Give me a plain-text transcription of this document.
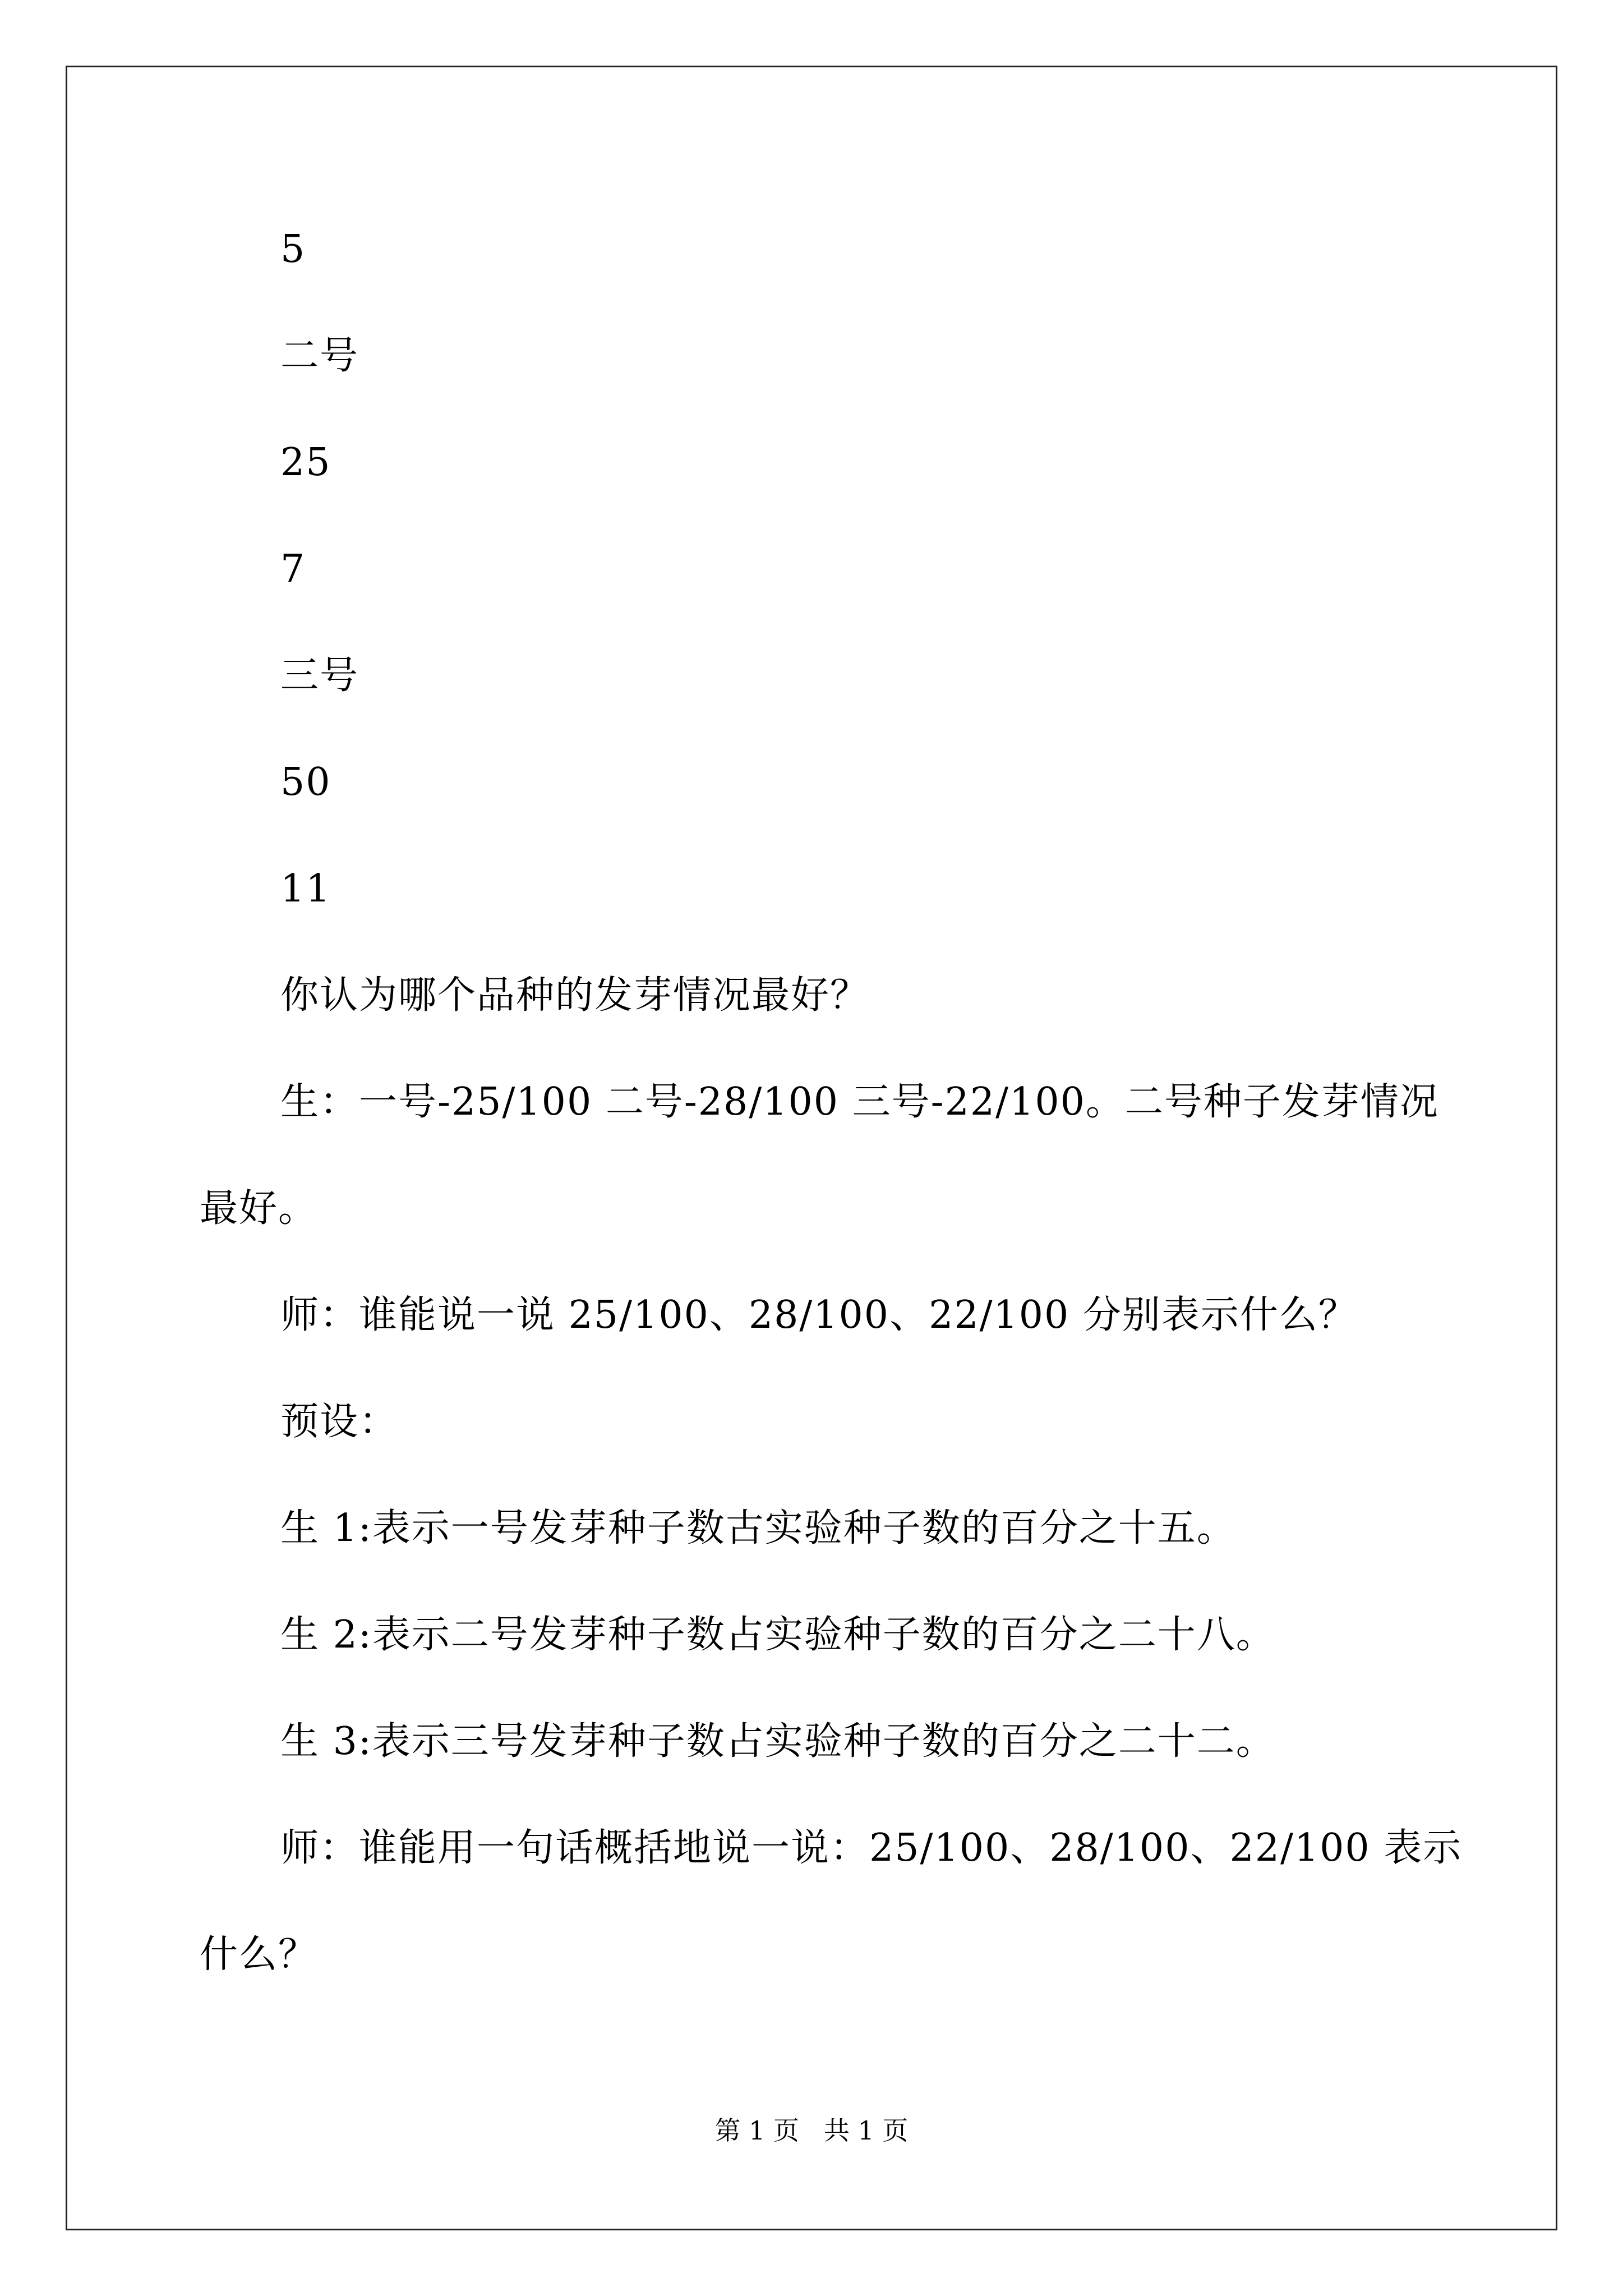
5
二号
25
7
三号
50
11
你认为哪个品种的发芽情况最好？
生：一号-25/100 二号-28/100 三号-22/100。二号种子发芽情况
最好。
师：谁能说一说 25/100、28/100、22/100 分别表示什么？
预设：
生 1:表示一号发芽种子数古实验种子数的百分之十五。
生 2:表示二号发芽种子数占实验种子数的百分之二十八。
生 3:表示三号发芽种子数占实验种子数的百分之二十二。
师：谁能用一句话概括地说一说：25/100、28/100、22/100 表示
什么？
第 1 页   共 1 页
